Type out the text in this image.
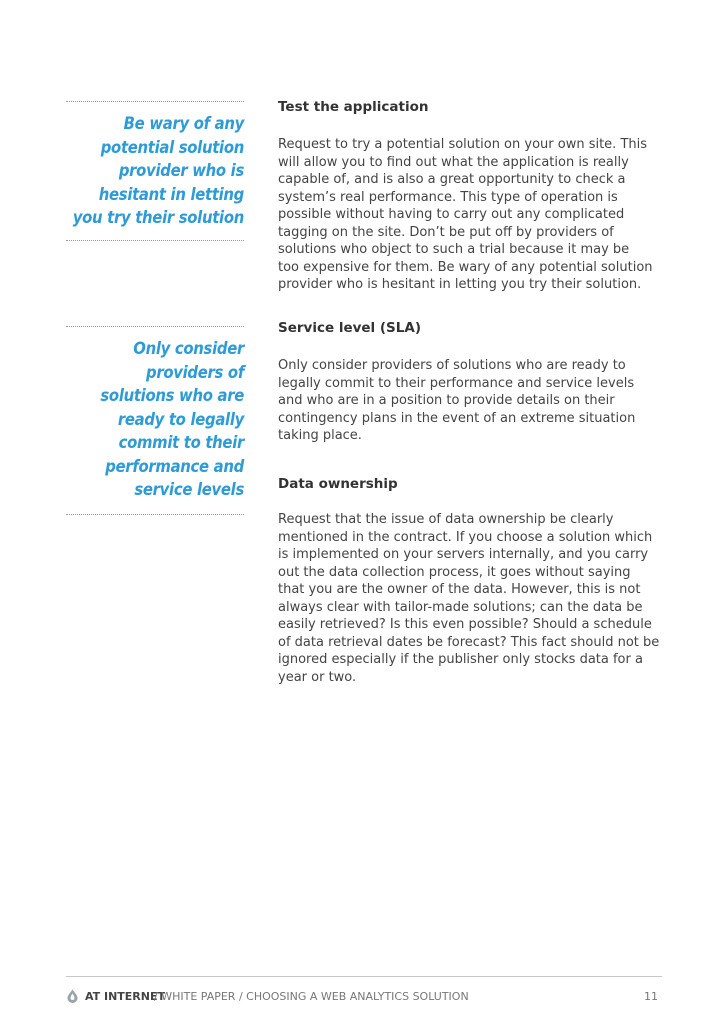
Be wary of any
potential solution
provider who is
hesitant in letting
you try their solution

Only consider
providers of
solutions who are
ready to legally
commit to their
performance and
service levels

Test the application

Request to try a potential solution on your own site. This
will allow you to find out what the application is really
capable of, and is also a great opportunity to check a
system’s real performance. This type of operation is
possible without having to carry out any complicated
tagging on the site. Don’t be put off by providers of
solutions who object to such a trial because it may be
too expensive for them. Be wary of any potential solution
provider who is hesitant in letting you try their solution.

Service level (SLA)

Only consider providers of solutions who are ready to
legally commit to their performance and service levels
and who are in a position to provide details on their
contingency plans in the event of an extreme situation
taking place.

Data ownership

Request that the issue of data ownership be clearly
mentioned in the contract. If you choose a solution which
is implemented on your servers internally, and you carry
out the data collection process, it goes without saying
that you are the owner of the data. However, this is not
always clear with tailor-made solutions; can the data be
easily retrieved? Is this even possible? Should a schedule
of data retrieval dates be forecast? This fact should not be
ignored especially if the publisher only stocks data for a
year or two.

AT INTERNET
/ WHITE PAPER / CHOOSING A WEB ANALYTICS SOLUTION	11
